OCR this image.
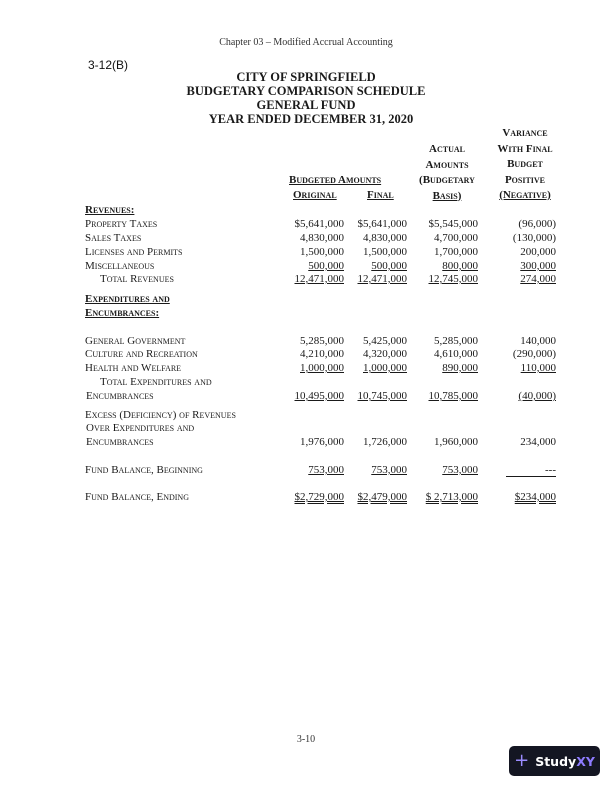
Chapter 03 – Modified Accrual Accounting
3-12(B)
CITY OF SPRINGFIELD
BUDGETARY COMPARISON SCHEDULE
GENERAL FUND
YEAR ENDED DECEMBER 31, 2020
Budgeted Amounts
Original	Final
Actual
Amounts
(Budgetary
Basis)
Variance
With Final
Budget
Positive
(Negative)
Revenues:
Property Taxes	$5,641,000 $5,641,000 $5,545,000	(96,000)
Sales Taxes	4,830,000 4,830,000 4,700,000	(130,000)
Licenses and Permits	1,500,000 1,500,000 1,700,000	200,000
Miscellaneous	500,000 500,000	800,000	300,000
Total Revenues	12,471,000 12,471,000 12,745,000	274,000
Expenditures and
Encumbrances:
General Government	5,285,000 5,425,000 5,285,000	140,000
Culture and Recreation	4,210,000 4,320,000 4,610,000	(290,000)
Health and Welfare	1,000,000 1,000,000	890,000	110,000
Total Expenditures and
Encumbrances	10,495,000 10,745,000 10,785,000	(40,000)
Excess (Deficiency) of Revenues
Over Expenditures and
Encumbrances	1,976,000 1,726,000 1,960,000	234,000
Fund Balance, Beginning	753,000 753,000	753,000	---
Fund Balance, Ending	$2,729,000 $2,479,000 $ 2,713,000	$234,000
3-10
+ StudyXY
